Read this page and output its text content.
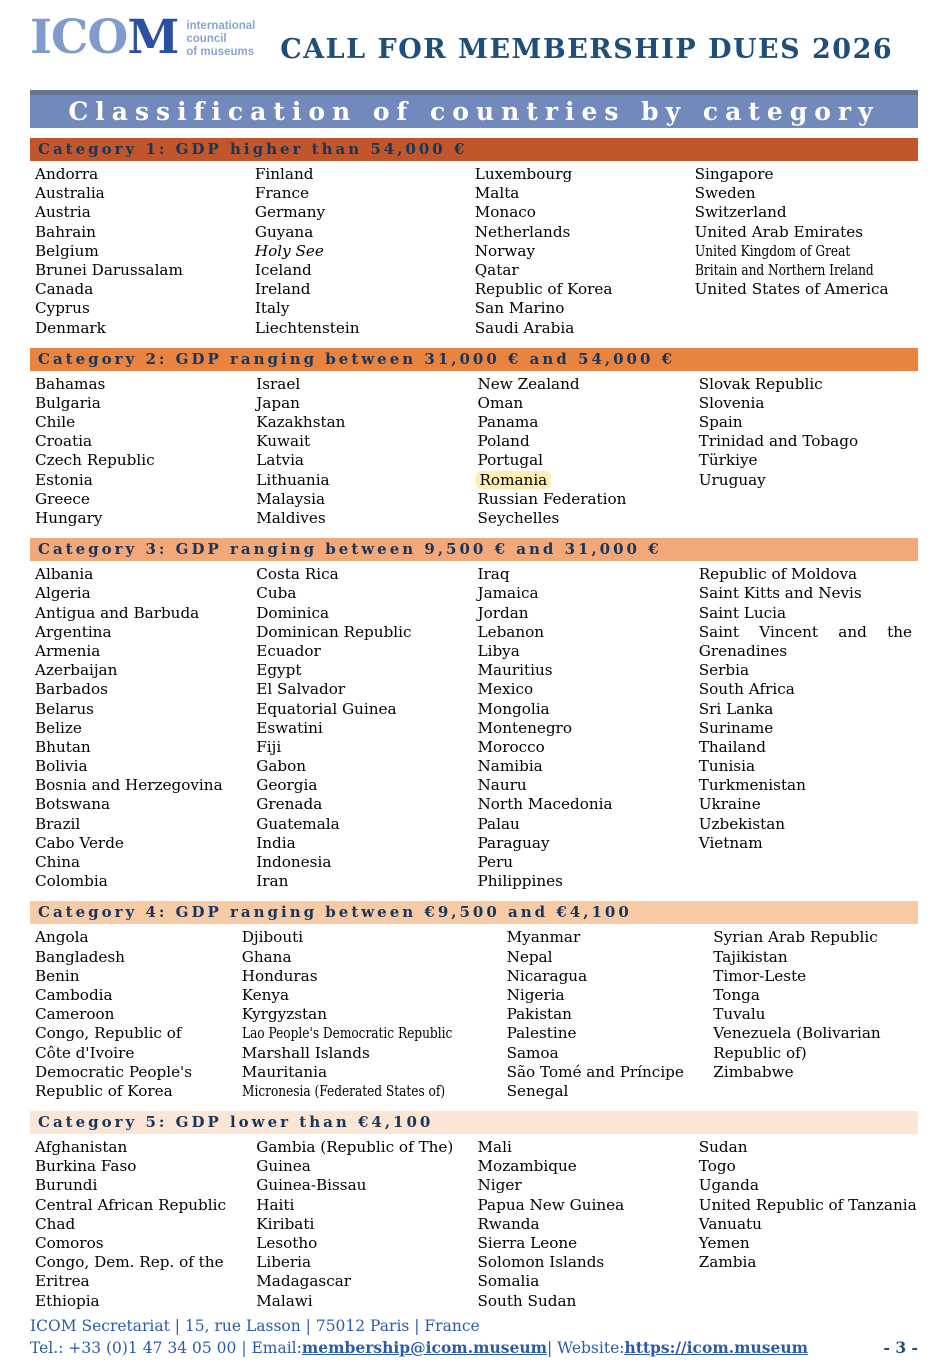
ICOM international
council
of museums CALL FOR MEMBERSHIP DUES 2026
Classification of countries by category
Category 1: GDP higher than 54,000 €
Andorra
Australia
Austria
Bahrain
Belgium
Brunei Darussalam
Canada
Cyprus
Denmark
Finland
France
Germany
Guyana
Holy See
Iceland
Ireland
Italy
Liechtenstein
Luxembourg
Malta
Monaco
Netherlands
Norway
Qatar
Republic of Korea
San Marino
Saudi Arabia
Singapore
Sweden
Switzerland
United Arab Emirates
United Kingdom of Great
Britain and Northern Ireland
United States of America
Category 2: GDP ranging between 31,000 € and 54,000 €
Bahamas
Bulgaria
Chile
Croatia
Czech Republic
Estonia
Greece
Hungary
Israel
Japan
Kazakhstan
Kuwait
Latvia
Lithuania
Malaysia
Maldives
New Zealand
Oman
Panama
Poland
Portugal
Romania
Russian Federation
Seychelles
Slovak Republic
Slovenia
Spain
Trinidad and Tobago
Türkiye
Uruguay
Category 3: GDP ranging between 9,500 € and 31,000 €
Albania
Algeria
Antigua and Barbuda
Argentina
Armenia
Azerbaijan
Barbados
Belarus
Belize
Bhutan
Bolivia
Bosnia and Herzegovina
Botswana
Brazil
Cabo Verde
China
Colombia
Costa Rica
Cuba
Dominica
Dominican Republic
Ecuador
Egypt
El Salvador
Equatorial Guinea
Eswatini
Fiji
Gabon
Georgia
Grenada
Guatemala
India
Indonesia
Iran
Iraq
Jamaica
Jordan
Lebanon
Libya
Mauritius
Mexico
Mongolia
Montenegro
Morocco
Namibia
Nauru
North Macedonia
Palau
Paraguay
Peru
Philippines
Republic of Moldova
Saint Kitts and Nevis
Saint Lucia
Saint Vincent and the
Grenadines
Serbia
South Africa
Sri Lanka
Suriname
Thailand
Tunisia
Turkmenistan
Ukraine
Uzbekistan
Vietnam
Category 4: GDP ranging between €9,500 and €4,100
Angola
Bangladesh
Benin
Cambodia
Cameroon
Congo, Republic of
Côte d'Ivoire
Democratic People's
Republic of Korea
Djibouti
Ghana
Honduras
Kenya
Kyrgyzstan
Lao People's Democratic Republic
Marshall Islands
Mauritania
Micronesia (Federated States of)
Myanmar
Nepal
Nicaragua
Nigeria
Pakistan
Palestine
Samoa
São Tomé and Príncipe
Senegal
Syrian Arab Republic
Tajikistan
Timor-Leste
Tonga
Tuvalu
Venezuela (Bolivarian
Republic of)
Zimbabwe
Category 5: GDP lower than €4,100
Afghanistan
Burkina Faso
Burundi
Central African Republic
Chad
Comoros
Congo, Dem. Rep. of the
Eritrea
Ethiopia
Gambia (Republic of The)
Guinea
Guinea-Bissau
Haiti
Kiribati
Lesotho
Liberia
Madagascar
Malawi
Mali
Mozambique
Niger
Papua New Guinea
Rwanda
Sierra Leone
Solomon Islands
Somalia
South Sudan
Sudan
Togo
Uganda
United Republic of Tanzania
Vanuatu
Yemen
Zambia
ICOM Secretariat | 15, rue Lasson | 75012 Paris | France
Tel.: +33 (0)1 47 34 05 00 | Email: membership@icom.museum | Website: https://icom.museum	- 3 -
